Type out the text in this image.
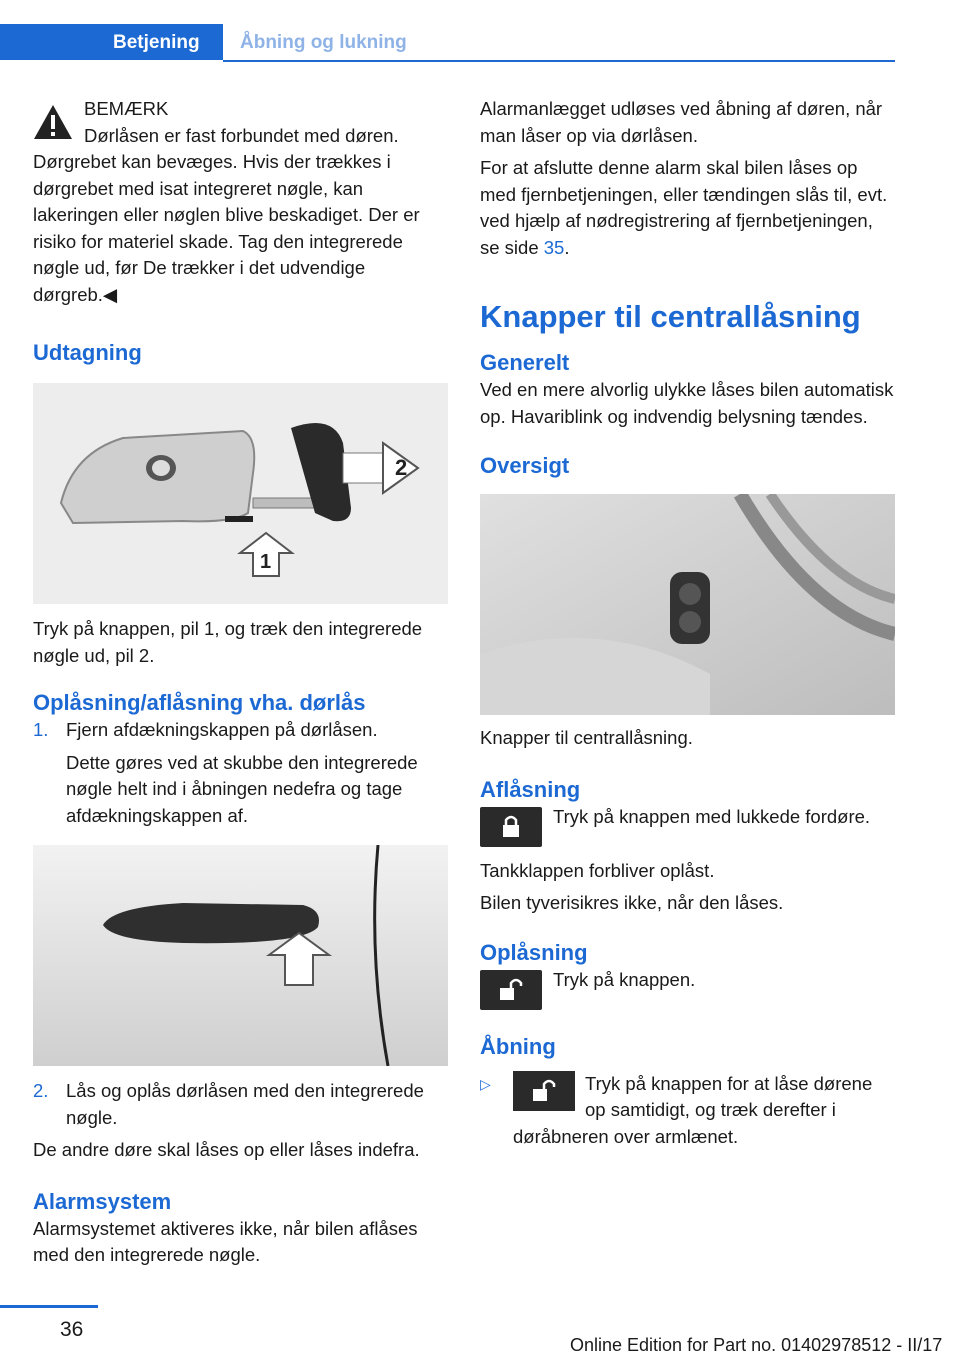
Betjening Åbning og lukning
BEMÆRK
Dørlåsen er fast forbundet med døren.

Dørgrebet kan bevæges. Hvis der trækkes i dørgrebet med isat integreret nøgle, kan lakeringen eller nøglen blive beskadiget. Der er risiko for materiel skade. Tag den integrerede nøgle ud, før De trækker i det udvendige dørgreb.◀

Udtagning
2
1

Tryk på knappen, pil 1, og træk den integrerede nøgle ud, pil 2.

Oplåsning/aflåsning vha. dørlås
1. Fjern afdækningskappen på dørlåsen.

Dette gøres ved at skubbe den integrerede nøgle helt ind i åbningen nedefra og tage afdækningskappen af.

2. Lås og oplås dørlåsen med den integrerede nøgle.

De andre døre skal låses op eller låses indefra.

Alarmsystem

Alarmsystemet aktiveres ikke, når bilen aflåses med den integrerede nøgle.

Alarmanlægget udløses ved åbning af døren, når man låser op via dørlåsen.

For at afslutte denne alarm skal bilen låses op med fjernbetjeningen, eller tændingen slås til, evt. ved hjælp af nødregistrering af fjernbetjeningen, se side 35.

Knapper til centrallåsning
Generelt

Ved en mere alvorlig ulykke låses bilen automatisk op. Havariblink og indvendig belysning tændes.

Oversigt

Knapper til centrallåsning.

Aflåsning

Tryk på knappen med lukkede fordøre.

Tankklappen forbliver oplåst.

Bilen tyverisikres ikke, når den låses.

Oplåsning

Tryk på knappen.

Åbning
▷	Tryk på knappen for at låse dørene op samtidigt, og træk derefter i døråbneren over armlænet.

36
Online Edition for Part no. 01402978512 - II/17
